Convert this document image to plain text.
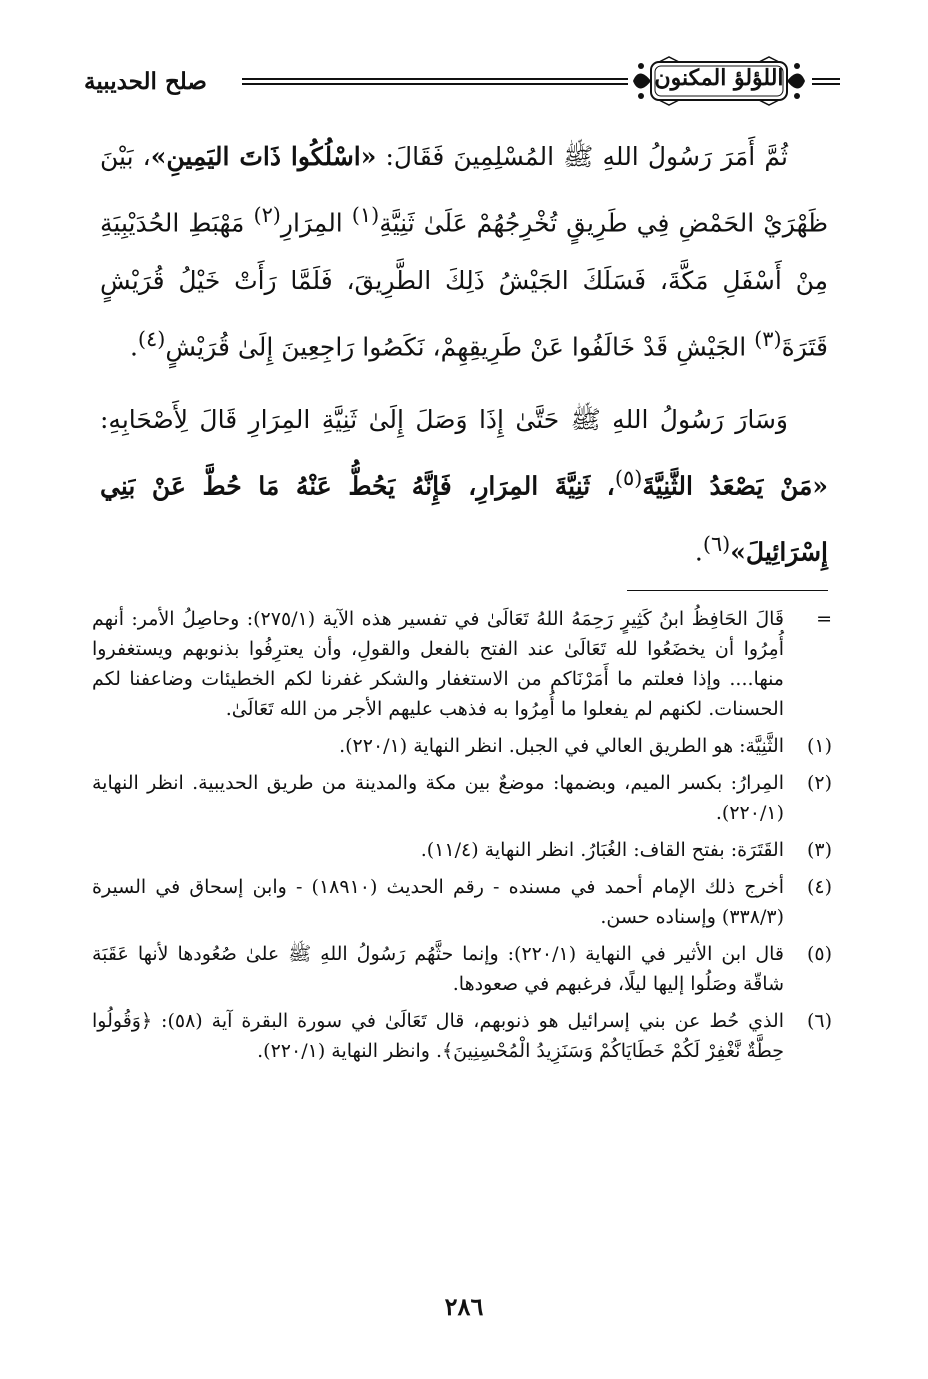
صلح الحديبية	اللؤلؤ المكنون

ثُمَّ أَمَرَ رَسُولُ اللهِ ﷺ المُسْلِمِينَ فَقَالَ: «اسْلُكُوا ذَاتَ اليَمِينِ»، بَيْنَ ظَهْرَيْ الحَمْضِ فِي طَرِيقٍ تُخْرِجُهُمْ عَلَىٰ ثَنِيَّةِ$^{(١)}$ المِرَارِ$^{(٢)}$ مَهْبَطِ الحُدَيْبِيَةِ مِنْ أَسْفَلِ مَكَّةَ، فَسَلَكَ الجَيْشُ ذَلِكَ الطَّرِيقَ، فَلَمَّا رَأَتْ خَيْلُ قُرَيْشٍ قَتَرَةَ$^{(٣)}$ الجَيْشِ قَدْ خَالَفُوا عَنْ طَرِيقِهِمْ، نَكَصُوا رَاجِعِينَ إِلَىٰ قُرَيْشٍ$^{(٤)}$.

وَسَارَ رَسُولُ اللهِ ﷺ حَتَّىٰ إِذَا وَصَلَ إِلَىٰ ثَنِيَّةِ المِرَارِ قَالَ لِأَصْحَابِهِ: «مَنْ يَصْعَدُ الثَّنِيَّةَ$^{(٥)}$، ثَنِيَّةَ المِرَارِ، فَإِنَّهُ يَحُطُّ عَنْهُ مَا حُطَّ عَنْ بَنِي إِسْرَائِيلَ»$^{(٦)}$.

=
قَالَ الحَافِظُ ابنُ كَثِيرٍ رَحِمَهُ اللهُ تَعَالَىٰ في تفسير هذه الآية (٢٧٥/١): وحاصِلُ الأمر: أنهم أُمِرُوا أن يخضَعُوا لله تَعَالَىٰ عند الفتح بالفعل والقولِ، وأن يعترِفُوا بذنوبهم ويستغفروا منها.... وإذا فعلتم ما أَمَرْنَاكم من الاستغفار والشكر غفرنا لكم الخطيئات وضاعفنا لكم الحسنات. لكنهم لم يفعلوا ما أُمِرُوا به فذهب عليهم الأجر من الله تَعَالَىٰ.
(١)
الثَّنِيَّة: هو الطريق العالي في الجبل. انظر النهاية (٢٢٠/١).
(٢)
المِرارُ: بكسر الميم، وبضمها: موضعٌ بين مكة والمدينة من طريق الحديبية. انظر النهاية (٢٢٠/١).
(٣)
القَتَرَة: بفتح القاف: الغُبَارُ. انظر النهاية (١١/٤).
(٤)
أخرج ذلك الإمام أحمد في مسنده - رقم الحديث (١٨٩١٠) - وابن إسحاق في السيرة (٣٣٨/٣) وإسناده حسن.
(٥)
قال ابن الأثير في النهاية (٢٢٠/١): وإنما حثَّهُم رَسُولُ اللهِ ﷺ علىٰ صُعُودها لأنها عَقَبَة شاقّة وصَلُوا إليها ليلًا، فرغبهم في صعودها.
(٦)
الذي حُط عن بني إسرائيل هو ذنوبهم، قال تَعَالَىٰ في سورة البقرة آية (٥٨): ﴿وَقُولُوا حِطَّةٌ نَّغْفِرْ لَكُمْ خَطَايَاكُمْ وَسَنَزِيدُ الْمُحْسِنِينَ﴾. وانظر النهاية (٢٢٠/١).
٢٨٦
